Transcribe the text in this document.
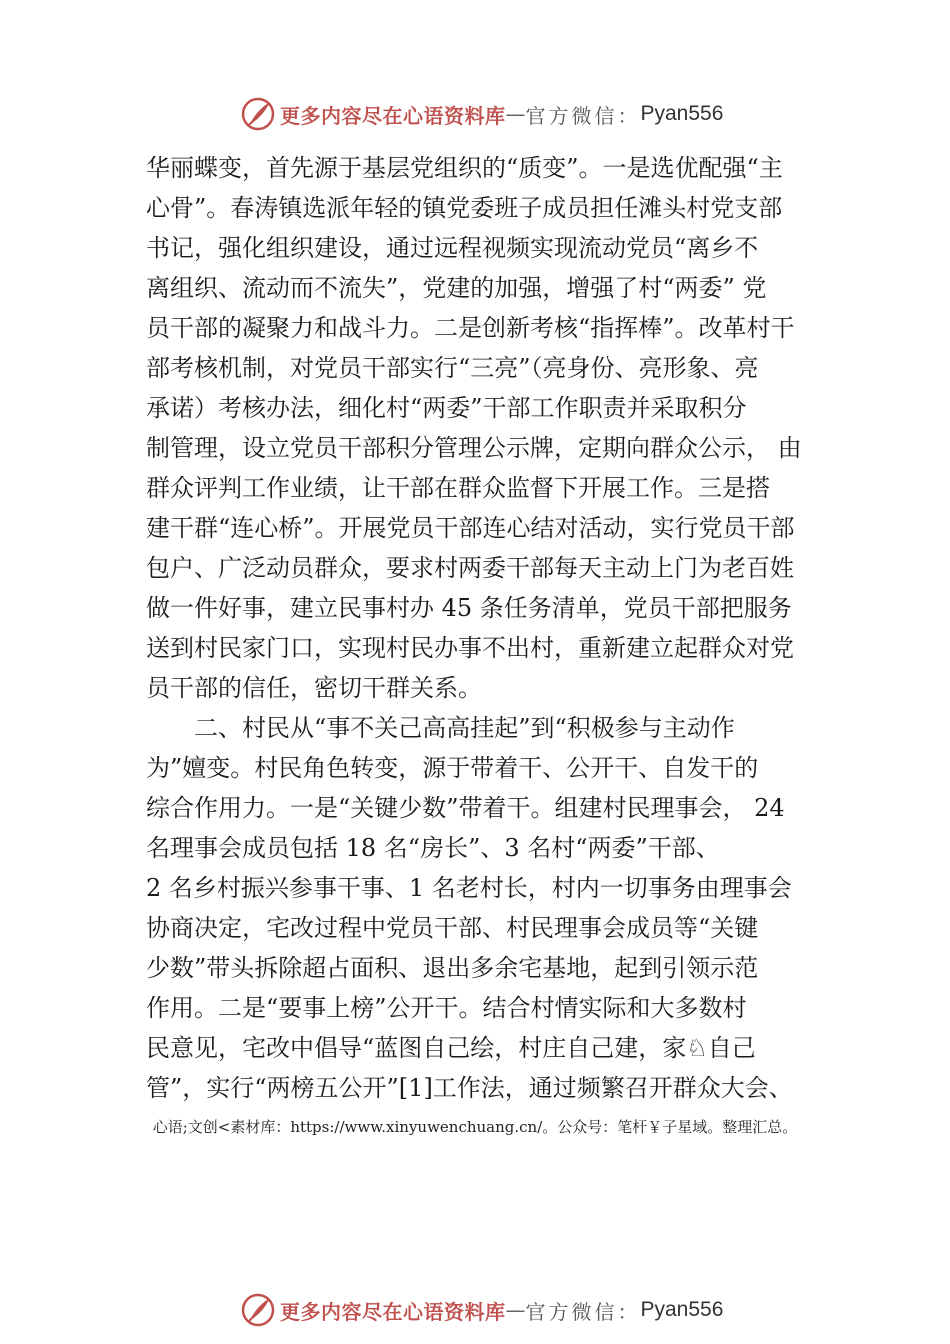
更多内容尽在心语资料库 — 官方微信： Pyan556
华丽蝶变，首先源于基层党组织的“质变”。一是选优配强“主
心骨”。春涛镇选派年轻的镇党委班子成员担任滩头村党支部
书记，强化组织建设，通过远程视频实现流动党员“离乡不
离组织、流动而不流失”，党建的加强，增强了村“两委” 党
员干部的凝聚力和战斗力。二是创新考核“指挥棒”。改革村干
部考核机制，对党员干部实行“三亮”（亮身份、亮形象、亮
承诺）考核办法，细化村“两委”干部工作职责并采取积分
制管理，设立党员干部积分管理公示牌，定期向群众公示， 由
群众评判工作业绩，让干部在群众监督下开展工作。三是搭
建干群“连心桥”。开展党员干部连心结对活动，实行党员干部
包户、广泛动员群众，要求村两委干部每天主动上门为老百姓
做一件好事，建立民事村办 45 条任务清单，党员干部把服务
送到村民家门口，实现村民办事不出村，重新建立起群众对党
员干部的信任，密切干群关系。
　　二、村民从“事不关己高高挂起”到“积极参与主动作
为”嬗变。村民角色转变，源于带着干、公开干、自发干的
综合作用力。一是“关键少数”带着干。组建村民理事会， 24
名理事会成员包括 18 名“房长”、3 名村“两委”干部、
2 名乡村振兴参事干事、1 名老村长，村内一切事务由理事会
协商决定，宅改过程中党员干部、村民理事会成员等“关键
少数”带头拆除超占面积、退出多余宅基地，起到引领示范
作用。二是“要事上榜”公开干。结合村情实际和大多数村
民意见，宅改中倡导“蓝图自己绘，村庄自己建，家♘自己
管”，实行“两榜五公开”[1]工作法，通过频繁召开群众大会、
心语;文创<素材库：https://www.xinyuwenchuang.cn/。公众号：笔杆￥子星域。整理汇总。
更多内容尽在心语资料库 — 官方微信： Pyan556
